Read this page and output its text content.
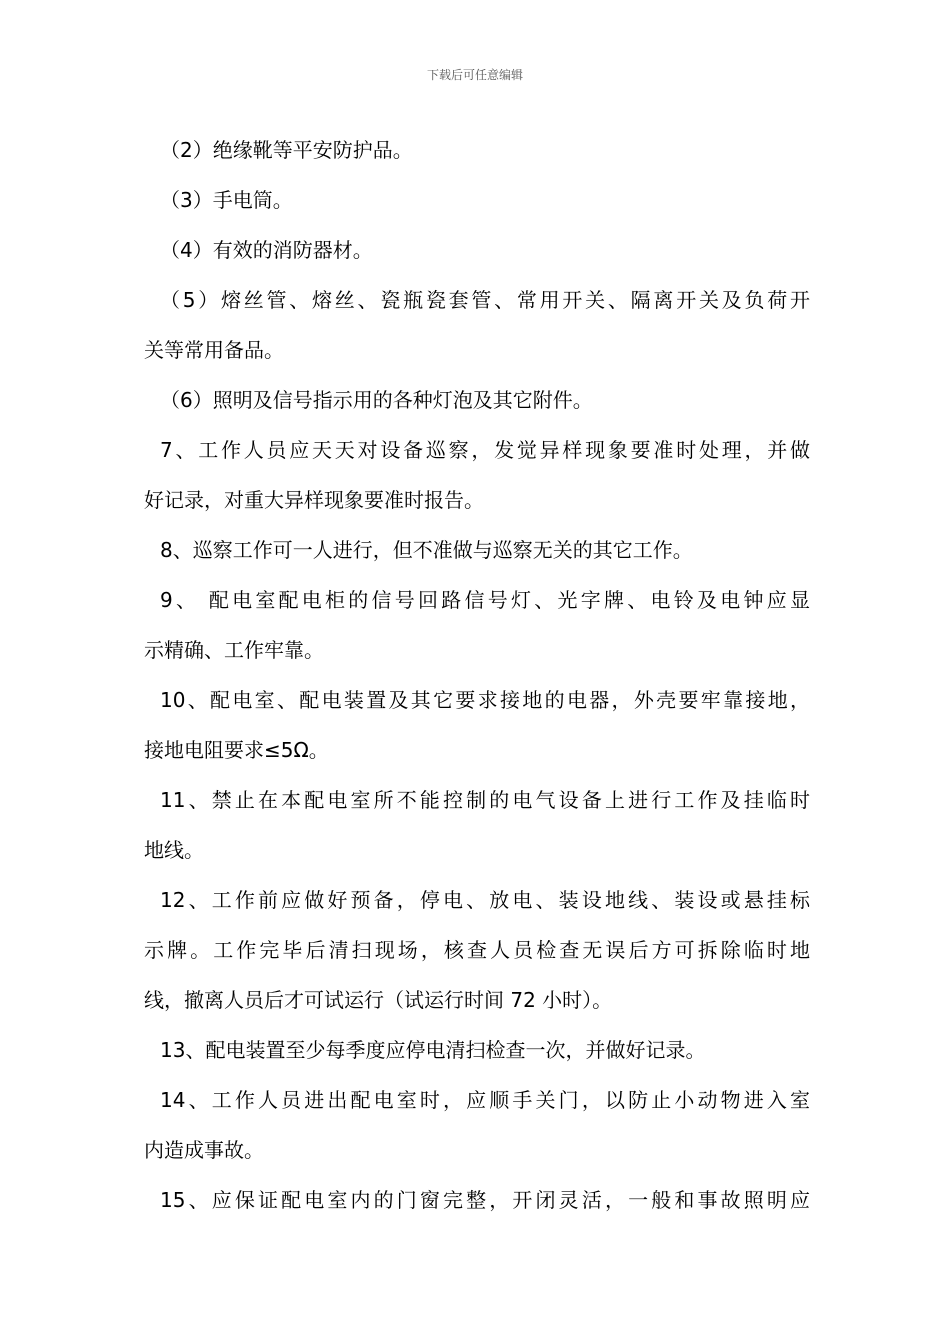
下载后可任意编辑
（2）绝缘靴等平安防护品。
（3）手电筒。
（4）有效的消防器材。
（5）熔丝管、熔丝、瓷瓶瓷套管、常用开关、隔离开关及负荷开
关等常用备品。
（6）照明及信号指示用的各种灯泡及其它附件。
7、工作人员应天天对设备巡察，发觉异样现象要准时处理，并做
好记录，对重大异样现象要准时报告。
8、巡察工作可一人进行，但不准做与巡察无关的其它工作。
9、 配电室配电柜的信号回路信号灯、光字牌、电铃及电钟应显
示精确、工作牢靠。
10、配电室、配电装置及其它要求接地的电器，外壳要牢靠接地，
接地电阻要求≤5Ω。
11、禁止在本配电室所不能控制的电气设备上进行工作及挂临时
地线。
12、工作前应做好预备，停电、放电、装设地线、装设或悬挂标
示牌。工作完毕后清扫现场，核查人员检查无误后方可拆除临时地
线，撤离人员后才可试运行（试运行时间 72 小时）。
13、配电装置至少每季度应停电清扫检查一次，并做好记录。
14、工作人员进出配电室时，应顺手关门，以防止小动物进入室
内造成事故。
15、应保证配电室内的门窗完整，开闭灵活，一般和事故照明应
